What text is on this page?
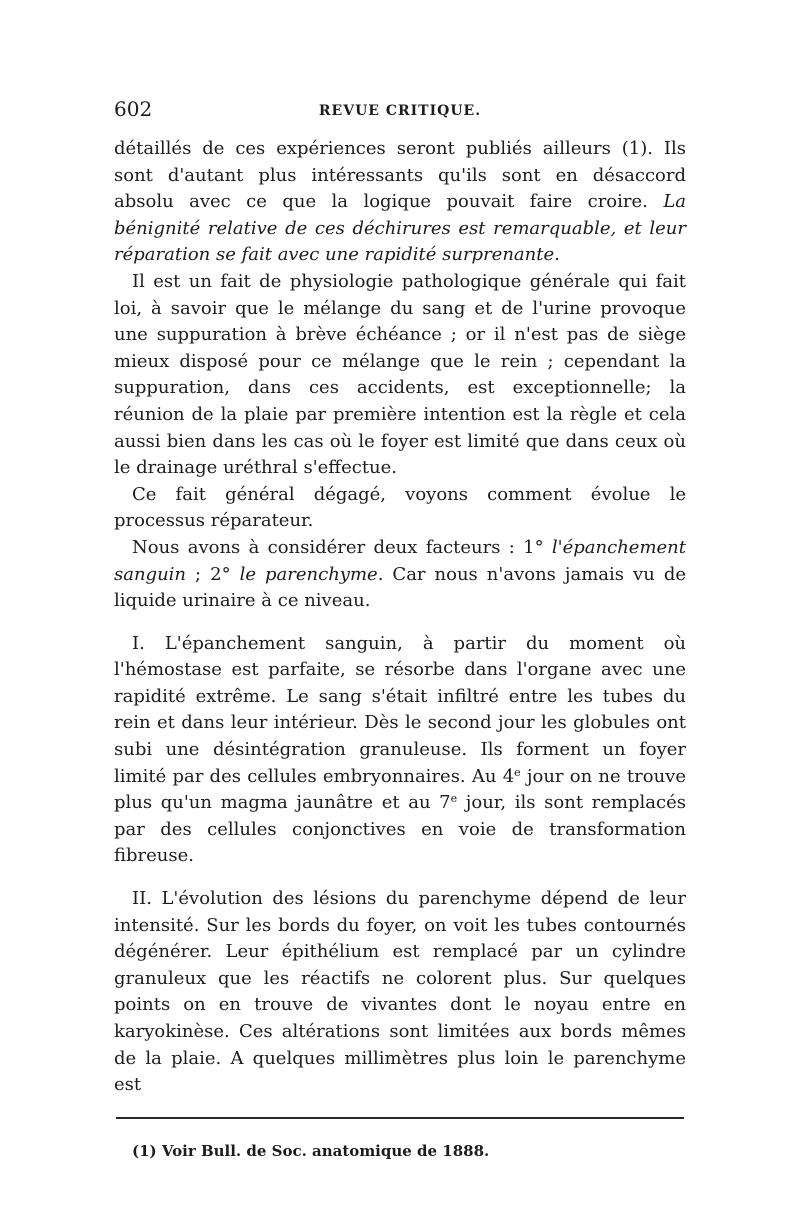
602	REVUE CRITIQUE.

détaillés de ces expériences seront publiés ailleurs (1). Ils sont d'autant plus intéressants qu'ils sont en désaccord absolu avec ce que la logique pouvait faire croire. La bénignité relative de ces déchirures est remarquable, et leur réparation se fait avec une rapidité surprenante.

Il est un fait de physiologie pathologique générale qui fait loi, à savoir que le mélange du sang et de l'urine provoque une suppuration à brève échéance ; or il n'est pas de siège mieux disposé pour ce mélange que le rein ; cependant la suppuration, dans ces accidents, est exceptionnelle; la réunion de la plaie par première intention est la règle et cela aussi bien dans les cas où le foyer est limité que dans ceux où le drainage uréthral s'effectue.

Ce fait général dégagé, voyons comment évolue le processus réparateur.

Nous avons à considérer deux facteurs : 1° l'épanchement sanguin ; 2° le parenchyme. Car nous n'avons jamais vu de liquide urinaire à ce niveau.

I. L'épanchement sanguin, à partir du moment où l'hémostase est parfaite, se résorbe dans l'organe avec une rapidité extrême. Le sang s'était infiltré entre les tubes du rein et dans leur intérieur. Dès le second jour les globules ont subi une désintégration granuleuse. Ils forment un foyer limité par des cellules embryonnaires. Au 4e jour on ne trouve plus qu'un magma jaunâtre et au 7e jour, ils sont remplacés par des cellules conjonctives en voie de transformation fibreuse.

II. L'évolution des lésions du parenchyme dépend de leur intensité. Sur les bords du foyer, on voit les tubes contournés dégénérer. Leur épithélium est remplacé par un cylindre granuleux que les réactifs ne colorent plus. Sur quelques points on en trouve de vivantes dont le noyau entre en karyokinèse. Ces altérations sont limitées aux bords mêmes de la plaie. A quelques millimètres plus loin le parenchyme est

(1) Voir Bull. de Soc. anatomique de 1888.
